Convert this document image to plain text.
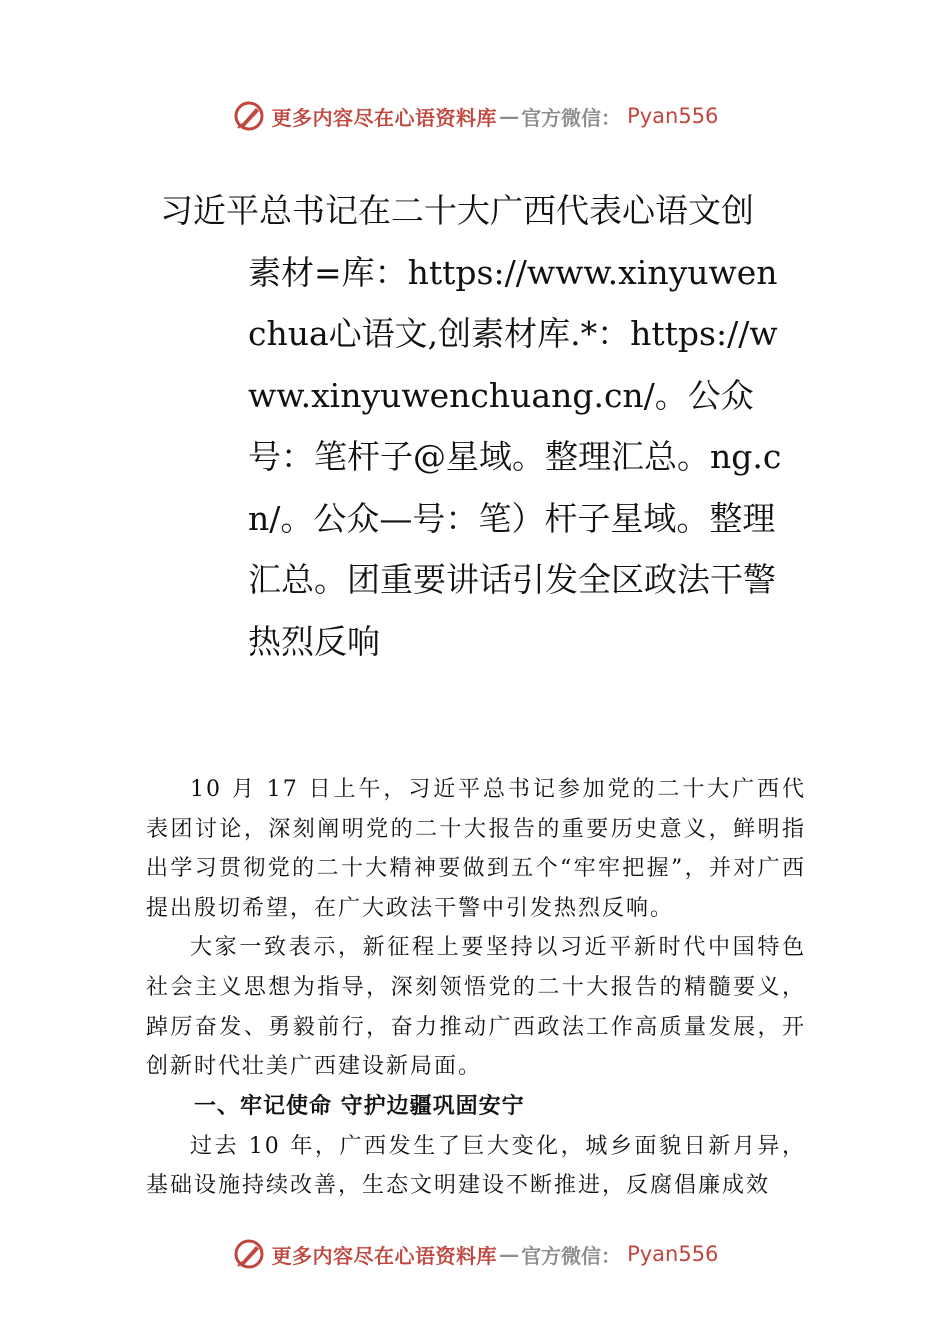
更多内容尽在心语资料库 — 官方微信： Pyan556
习近平总书记在二十大广西代表心语文创
素材=库：https://www.xinyuwenchua心语文,创素材库.*：https://www.xinyuwenchuang.cn/。公众号：笔杆子@星域。整理汇总。ng.cn/。公众—号：笔）杆子星域。整理汇总。团重要讲话引发全区政法干警热烈反响

10 月 17 日上午，习近平总书记参加党的二十大广西代表团讨论，深刻阐明党的二十大报告的重要历史意义，鲜明指出学习贯彻党的二十大精神要做到五个“牢牢把握”，并对广西提出殷切希望，在广大政法干警中引发热烈反响。

大家一致表示，新征程上要坚持以习近平新时代中国特色社会主义思想为指导，深刻领悟党的二十大报告的精髓要义，踔厉奋发、勇毅前行，奋力推动广西政法工作高质量发展，开创新时代壮美广西建设新局面。

一、牢记使命 守护边疆巩固安宁

过去 10 年，广西发生了巨大变化，城乡面貌日新月异，基础设施持续改善，生态文明建设不断推进，反腐倡廉成效

更多内容尽在心语资料库 — 官方微信： Pyan556
